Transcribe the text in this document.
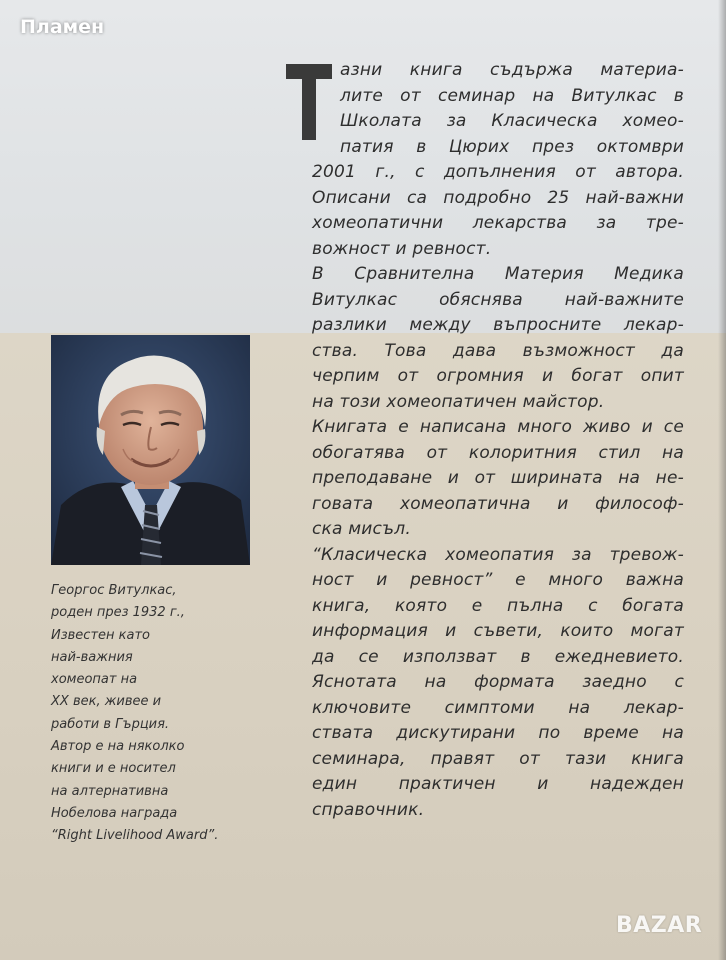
Пламен
азни книга съдържа материа-
лите от семинар на Витулкас в
Школата за Класическа хомео-
патия в Цюрих през октомври
2001 г., с допълнения от автора.
Описани са подробно 25 най-важни
хомеопатични лекарства за тре-
вожност и ревност.
В Сравнителна Материя Медика
Витулкас обяснява най-важните
разлики между въпросните лекар-
ства. Това дава възможност да
черпим от огромния и богат опит
на този хомеопатичен майстор.
Книгата е написана много живо и се
обогатява от колоритния стил на
преподаване и от ширината на не-
говата хомеопатична и философ-
ска мисъл.
“Класическа хомеопатия за тревож-
ност и ревност” е много важна
книга, която е пълна с богата
информация и съвети, които могат
да се използват в ежедневието.
Яснотата на формата заедно с
ключовите симптоми на лекар-
ствата дискутирани по време на
семинара, правят от тази книга
един практичен и надежден
справочник.
Георгос Витулкас,
роден през 1932 г.,
Известен като
най-важния
хомеопат на
XX век, живее и
работи в Гърция.
Автор е на няколко
книги и е носител
на алтернативна
Нобелова награда
“Right Livelihood Award”.
BAZAR
